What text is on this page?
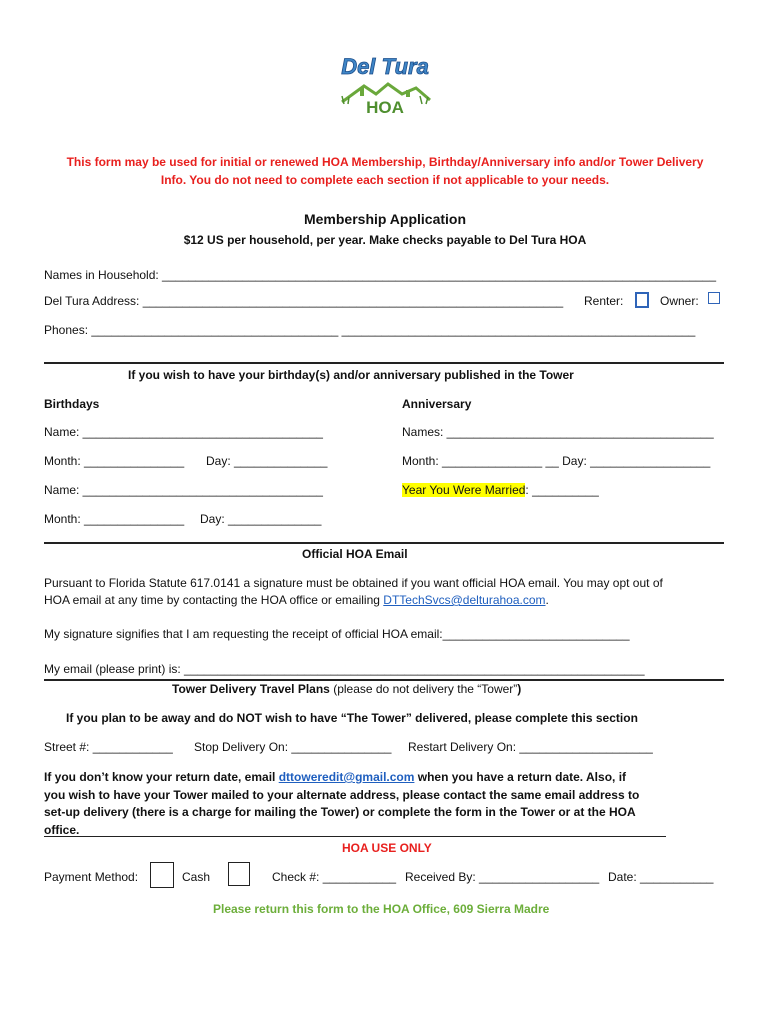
Del Tura
HOA
This form may be used for initial or renewed HOA Membership, Birthday/Anniversary info and/or Tower Delivery
Info. You do not need to complete each section if not applicable to your needs.
Membership Application
$12 US per household, per year. Make checks payable to Del Tura HOA
Names in Household: ___________________________________________________________________________________
Del Tura Address: _______________________________________________________________ Renter:	Owner:
Phones: _____________________________________ _____________________________________________________
If you wish to have your birthday(s) and/or anniversary published in the Tower
Birthdays	Anniversary
Name: ____________________________________	Names: ________________________________________
Month: _______________ Day: ______________	Month: _______________ __ Day: __________________
Name: ____________________________________	Year You Were Married: __________
Month: _______________ Day: ______________
Official HOA Email
Pursuant to Florida Statute 617.0141 a signature must be obtained if you want official HOA email. You may opt out of
HOA email at any time by contacting the HOA office or emailing DTTechSvcs@delturahoa.com.
My signature signifies that I am requesting the receipt of official HOA email:____________________________
My email (please print) is: _____________________________________________________________________
Tower Delivery Travel Plans (please do not delivery the “Tower”)
If you plan to be away and do NOT wish to have “The Tower” delivered, please complete this section
Street #: ____________ Stop Delivery On: _______________ Restart Delivery On: ____________________
If you don’t know your return date, email dttoweredit@gmail.com when you have a return date. Also, if
you wish to have your Tower mailed to your alternate address, please contact the same email address to
set-up delivery (there is a charge for mailing the Tower) or complete the form in the Tower or at the HOA
office.
HOA USE ONLY
Payment Method:	Cash	Check #: ___________ Received By: __________________ Date: ___________
Please return this form to the HOA Office, 609 Sierra Madre
